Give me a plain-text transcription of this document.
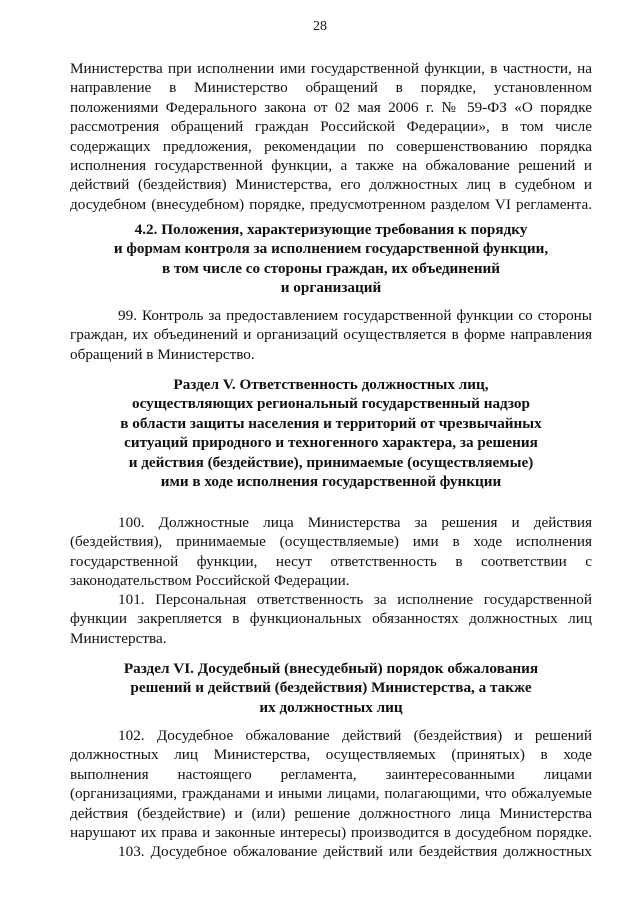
28
Министерства при исполнении ими государственной функции, в частности, на
направление в Министерство обращений в порядке, установленном
положениями Федерального закона от 02 мая 2006 г. № 59-ФЗ «О порядке
рассмотрения обращений граждан Российской Федерации», в том числе
содержащих предложения, рекомендации по совершенствованию порядка
исполнения государственной функции, а также на обжалование решений и
действий (бездействия) Министерства, его должностных лиц в судебном и
досудебном (внесудебном) порядке, предусмотренном разделом VI регламента.
4.2. Положения, характеризующие требования к порядку
и формам контроля за исполнением государственной функции,
в том числе со стороны граждан, их объединений
и организаций
99. Контроль за предоставлением государственной функции со стороны
граждан, их объединений и организаций осуществляется в форме направления
обращений в Министерство.
Раздел V. Ответственность должностных лиц,
осуществляющих региональный государственный надзор
в области защиты населения и территорий от чрезвычайных
ситуаций природного и техногенного характера, за решения
и действия (бездействие), принимаемые (осуществляемые)
ими в ходе исполнения государственной функции
100. Должностные лица Министерства за решения и действия
(бездействия), принимаемые (осуществляемые) ими в ходе исполнения
государственной функции, несут ответственность в соответствии с
законодательством Российской Федерации.
101. Персональная ответственность за исполнение государственной
функции закрепляется в функциональных обязанностях должностных лиц
Министерства.
Раздел VI. Досудебный (внесудебный) порядок обжалования
решений и действий (бездействия) Министерства, а также
их должностных лиц
102. Досудебное обжалование действий (бездействия) и решений
должностных лиц Министерства, осуществляемых (принятых) в ходе
выполнения настоящего регламента, заинтересованными лицами
(организациями, гражданами и иными лицами, полагающими, что обжалуемые
действия (бездействие) и (или) решение должностного лица Министерства
нарушают их права и законные интересы) производится в досудебном порядке.
103. Досудебное обжалование действий или бездействия должностных
